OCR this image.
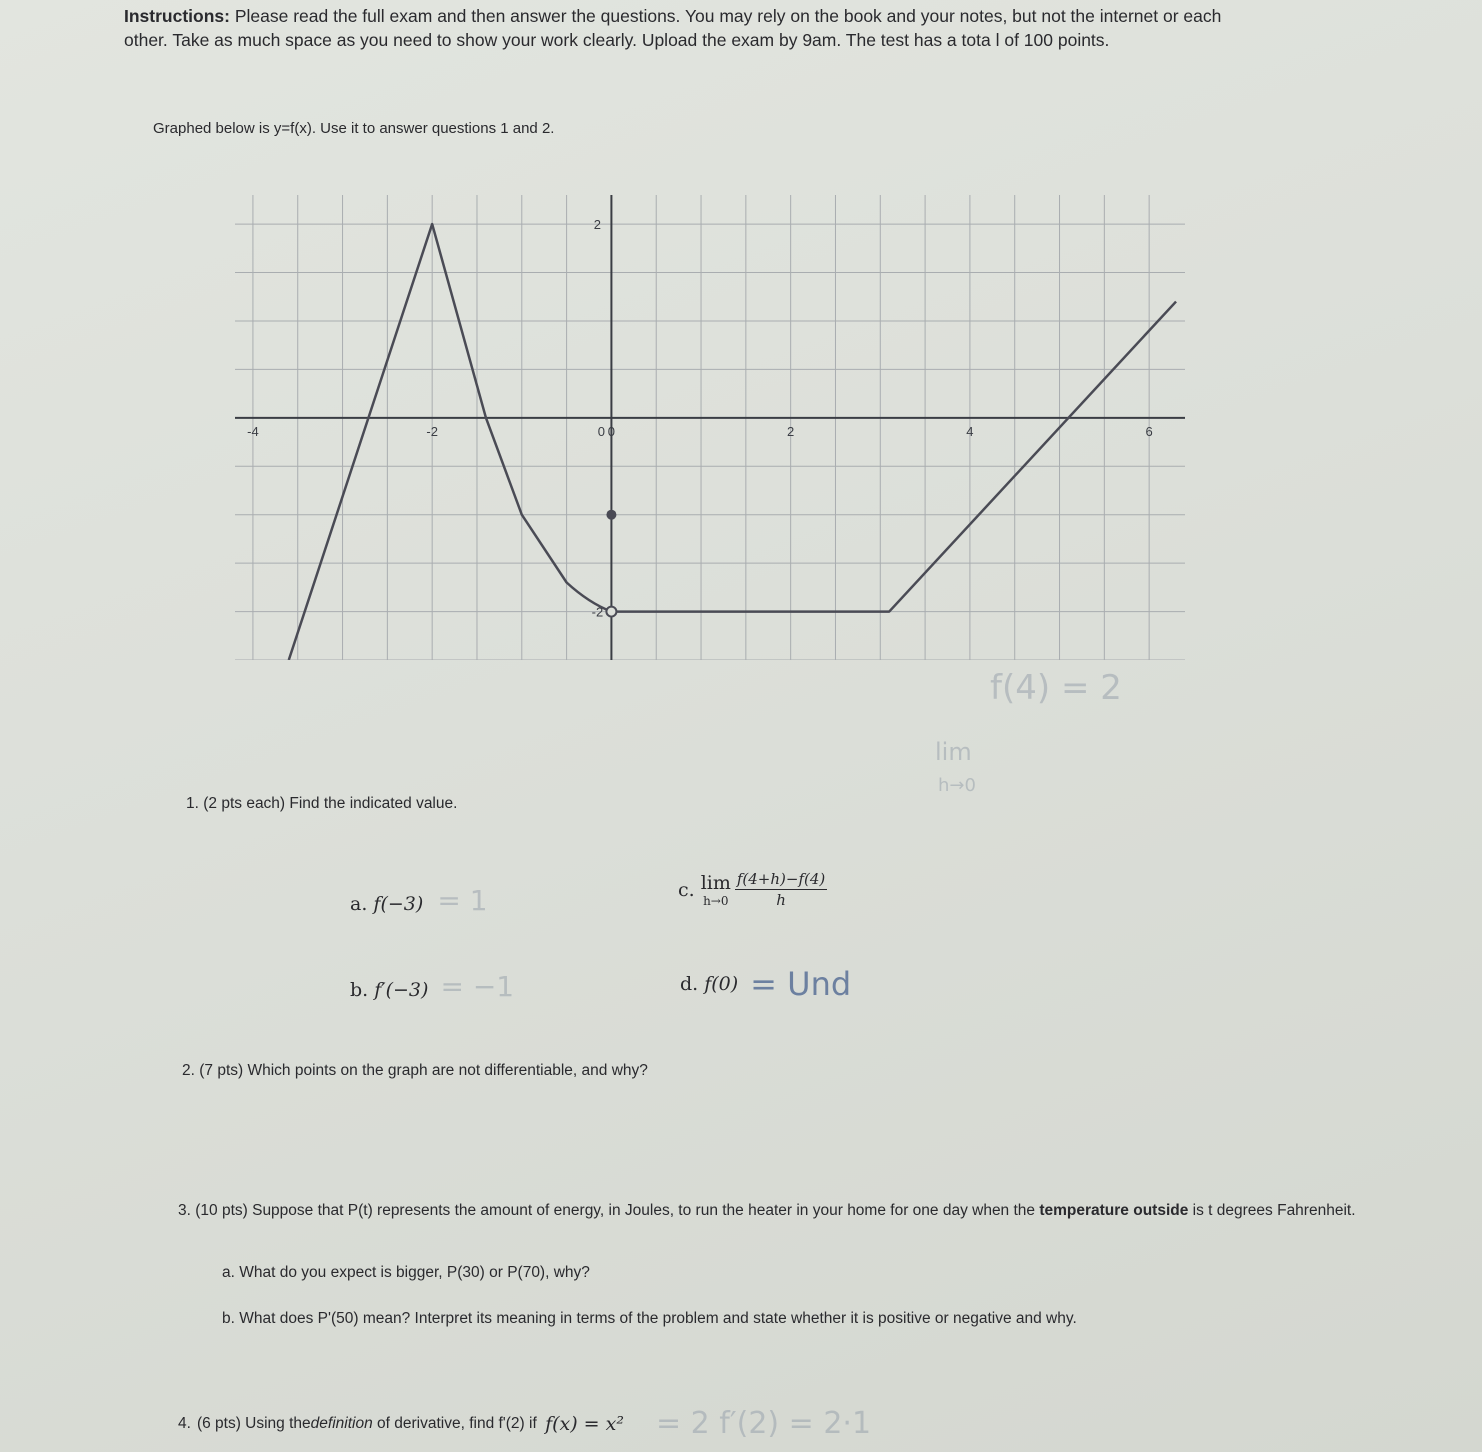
Instructions: Please read the full exam and then answer the questions. You may rely on the book and your notes, but not the internet or each other. Take as much space as you need to show your work clearly. Upload the exam by 9am. The test has a tota l of 100 points.
Graphed below is y=f(x). Use it to answer questions 1 and 2.
-4	-2	0	2	4	6
2
-2
0
f(4) = 2
lim
h→0
1. (2 pts each) Find the indicated value.
a. f(−3) = 1
b. f′(−3) = −1
c. lim
$h\to 0 \frac{f(4+h)-f(4)}{h}$
d. f(0) = Und
2. (7 pts) Which points on the graph are not differentiable, and why?
3. (10 pts) Suppose that P(t) represents the amount of energy, in Joules, to run the heater in your home for one day when the temperature outside is t degrees Fahrenheit.
a. What do you expect is bigger, P(30) or P(70), why?
b. What does P'(50) mean? Interpret its meaning in terms of the problem and state whether it is positive or negative and why.
4. (6 pts) Using the definition of derivative, find f'(2) if f(x) = x² = 2 f′(2) = 2·1
